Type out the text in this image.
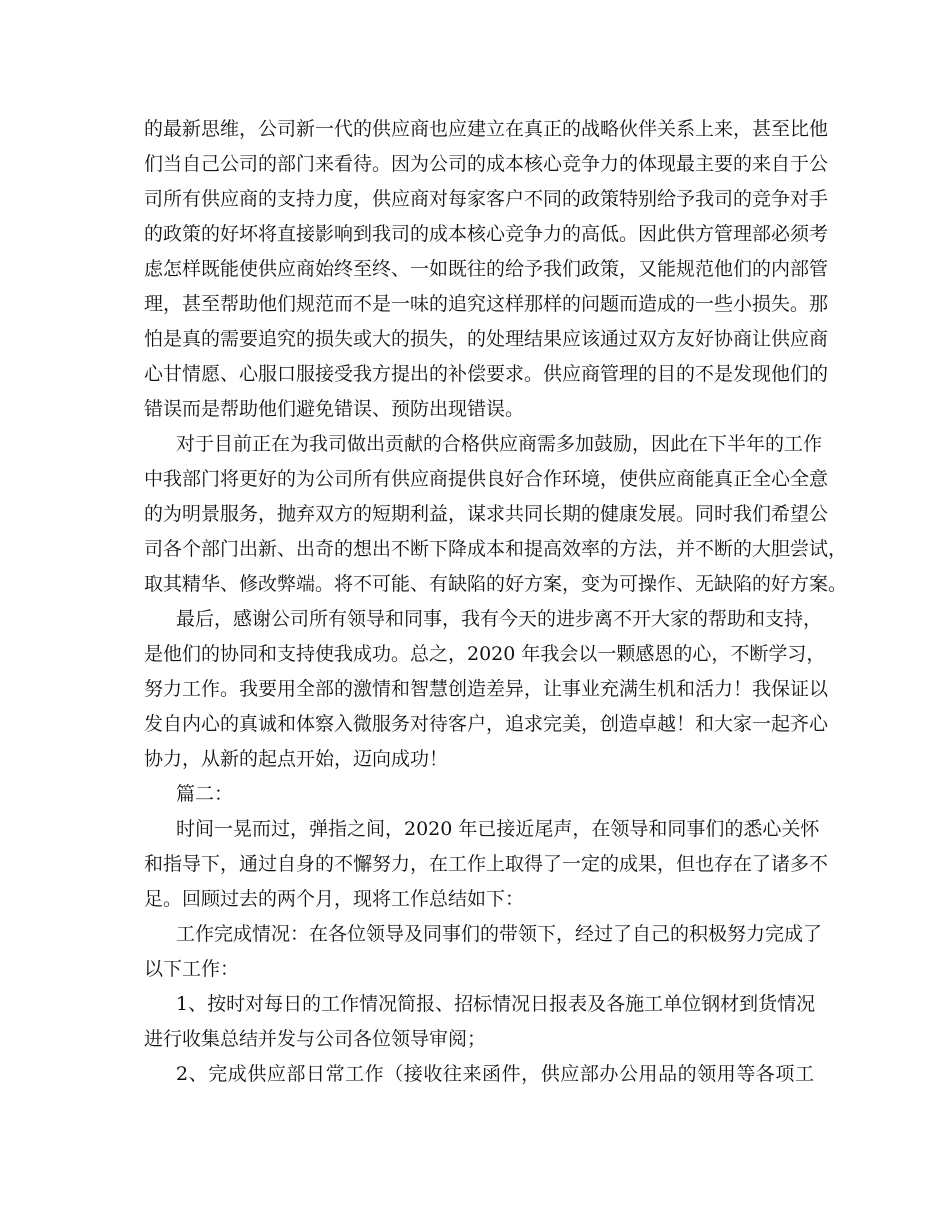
的最新思维，公司新一代的供应商也应建立在真正的战略伙伴关系上来，甚至比他
们当自己公司的部门来看待。因为公司的成本核心竞争力的体现最主要的来自于公
司所有供应商的支持力度，供应商对每家客户不同的政策特别给予我司的竞争对手
的政策的好坏将直接影响到我司的成本核心竞争力的高低。因此供方管理部必须考
虑怎样既能使供应商始终至终、一如既往的给予我们政策，又能规范他们的内部管
理，甚至帮助他们规范而不是一味的追究这样那样的问题而造成的一些小损失。那
怕是真的需要追究的损失或大的损失，的处理结果应该通过双方友好协商让供应商
心甘情愿、心服口服接受我方提出的补偿要求。供应商管理的目的不是发现他们的
错误而是帮助他们避免错误、预防出现错误。
对于目前正在为我司做出贡献的合格供应商需多加鼓励，因此在下半年的工作
中我部门将更好的为公司所有供应商提供良好合作环境，使供应商能真正全心全意
的为明景服务，抛弃双方的短期利益，谋求共同长期的健康发展。同时我们希望公
司各个部门出新、出奇的想出不断下降成本和提高效率的方法，并不断的大胆尝试，
取其精华、修改弊端。将不可能、有缺陷的好方案，变为可操作、无缺陷的好方案。
最后，感谢公司所有领导和同事，我有今天的进步离不开大家的帮助和支持，
是他们的协同和支持使我成功。总之，2020 年我会以一颗感恩的心，不断学习，
努力工作。我要用全部的激情和智慧创造差异，让事业充满生机和活力！我保证以
发自内心的真诚和体察入微服务对待客户，追求完美，创造卓越！和大家一起齐心
协力，从新的起点开始，迈向成功！
篇二：
时间一晃而过，弹指之间，2020 年已接近尾声，在领导和同事们的悉心关怀
和指导下，通过自身的不懈努力，在工作上取得了一定的成果，但也存在了诸多不
足。回顾过去的两个月，现将工作总结如下：
工作完成情况：在各位领导及同事们的带领下，经过了自己的积极努力完成了
以下工作：
1、按时对每日的工作情况简报、招标情况日报表及各施工单位钢材到货情况
进行收集总结并发与公司各位领导审阅；
2、完成供应部日常工作（接收往来函件，供应部办公用品的领用等各项工
